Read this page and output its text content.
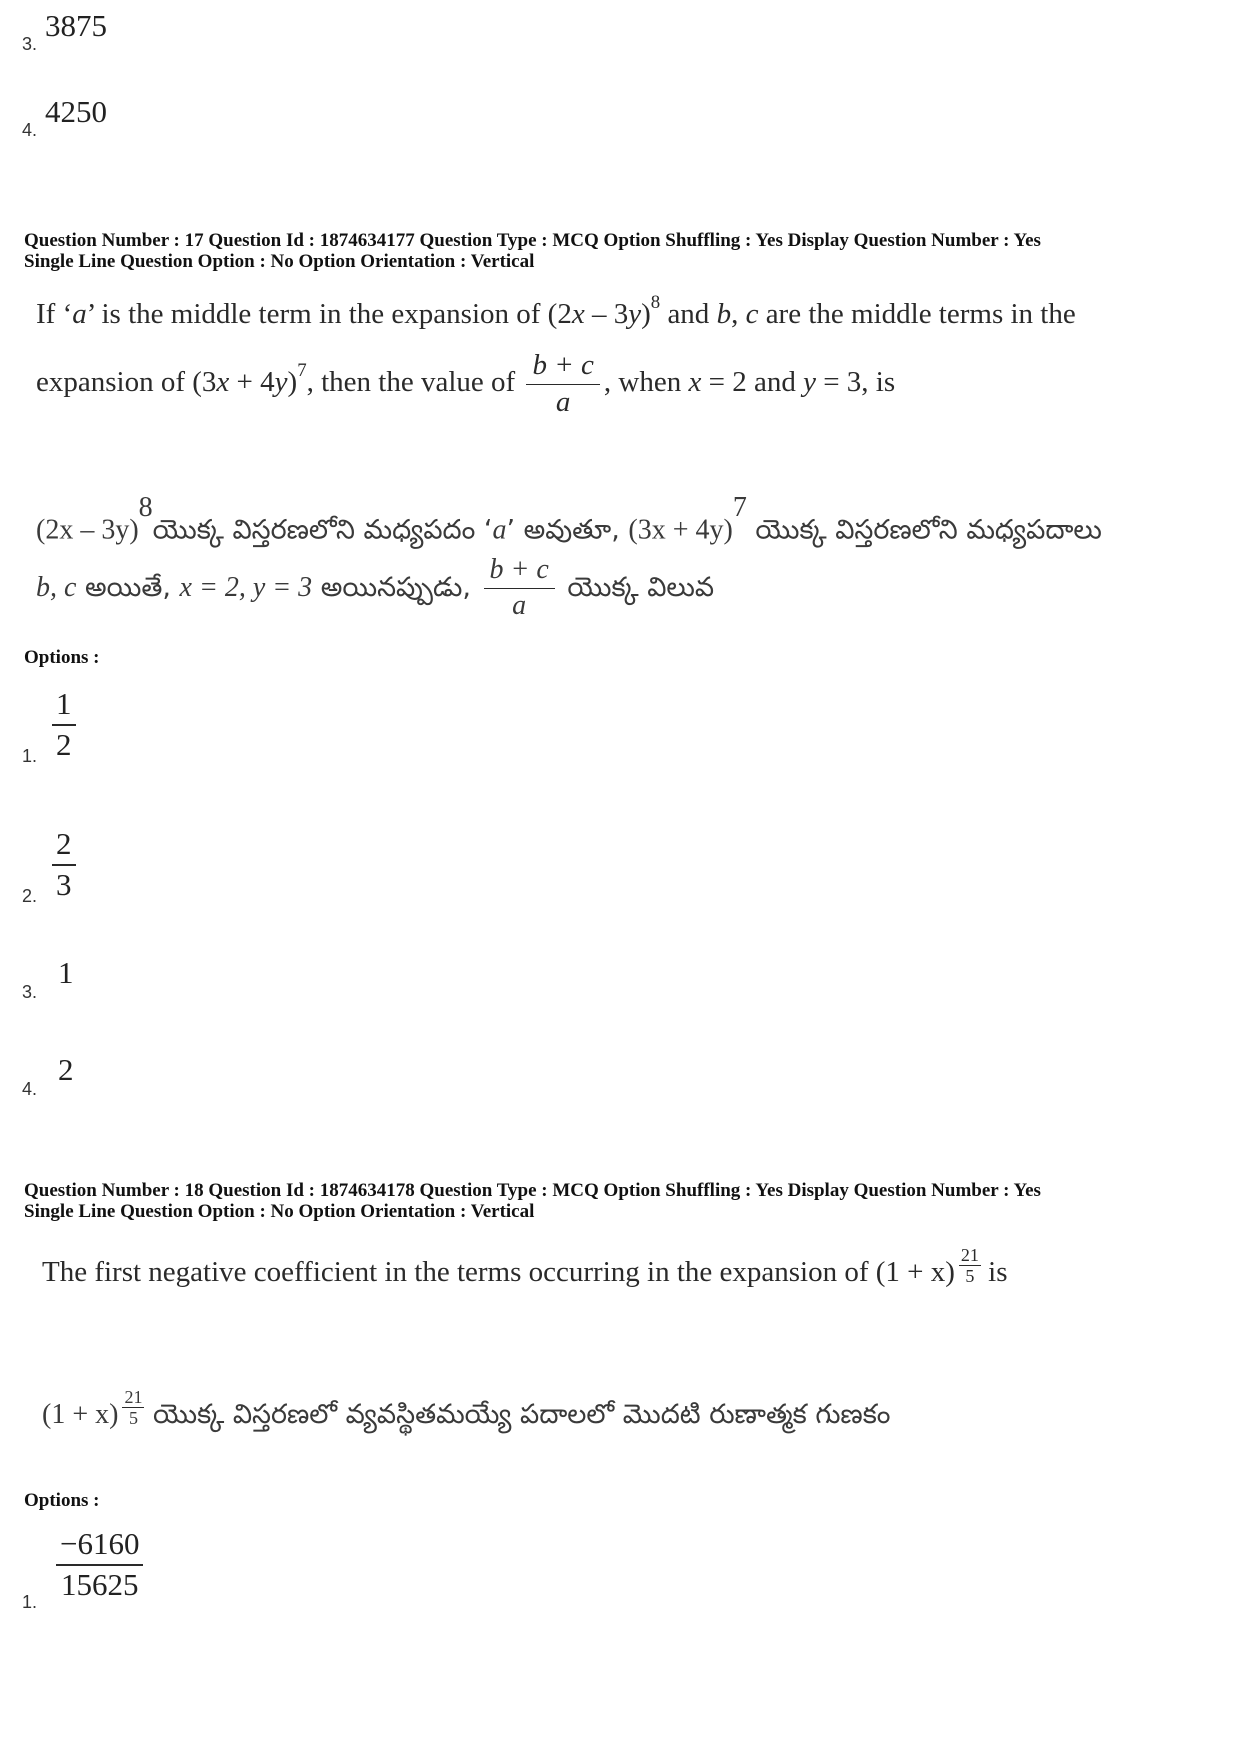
3. 3875
4. 4250
Question Number : 17 Question Id : 1874634177 Question Type : MCQ Option Shuffling : Yes Display Question Number : Yes
Single Line Question Option : No Option Orientation : Vertical
If ‘a’ is the middle term in the expansion of (2x – 3y)$^8$ and b, c are the middle terms in the
expansion of $(3x + 4y)^7$, then the value of $\frac{b + c}{a}$ , when x = 2 and y = 3, is
(2x – 3y)$^8$యొక్క విస్తరణలోని మధ్యపదం ‘a’ అవుతూ, $(3x + 4y)^7$ యొక్క విస్తరణలోని మధ్యపదాలు
b, c అయితే, x = 2, y = 3 అయినప్పుడు, $\frac{b + c}{a}$ యొక్క విలువ
Options :
1. $\frac{1}{2}$
2. $\frac{2}{3}$
3.
1
4.
2
Question Number : 18 Question Id : 1874634178 Question Type : MCQ Option Shuffling : Yes Display Question Number : Yes
Single Line Question Option : No Option Orientation : Vertical
The first negative coefficient in the terms occurring in the expansion of $(1 + x) \frac{21}{5}$ is
$(1 + x) \frac{21}{5}$ యొక్క విస్తరణలో వ్యవస్థితమయ్యే పదాలలో మొదటి రుణాత్మక గుణకం
Options :
1.
$\frac{-6160}{15625}$
